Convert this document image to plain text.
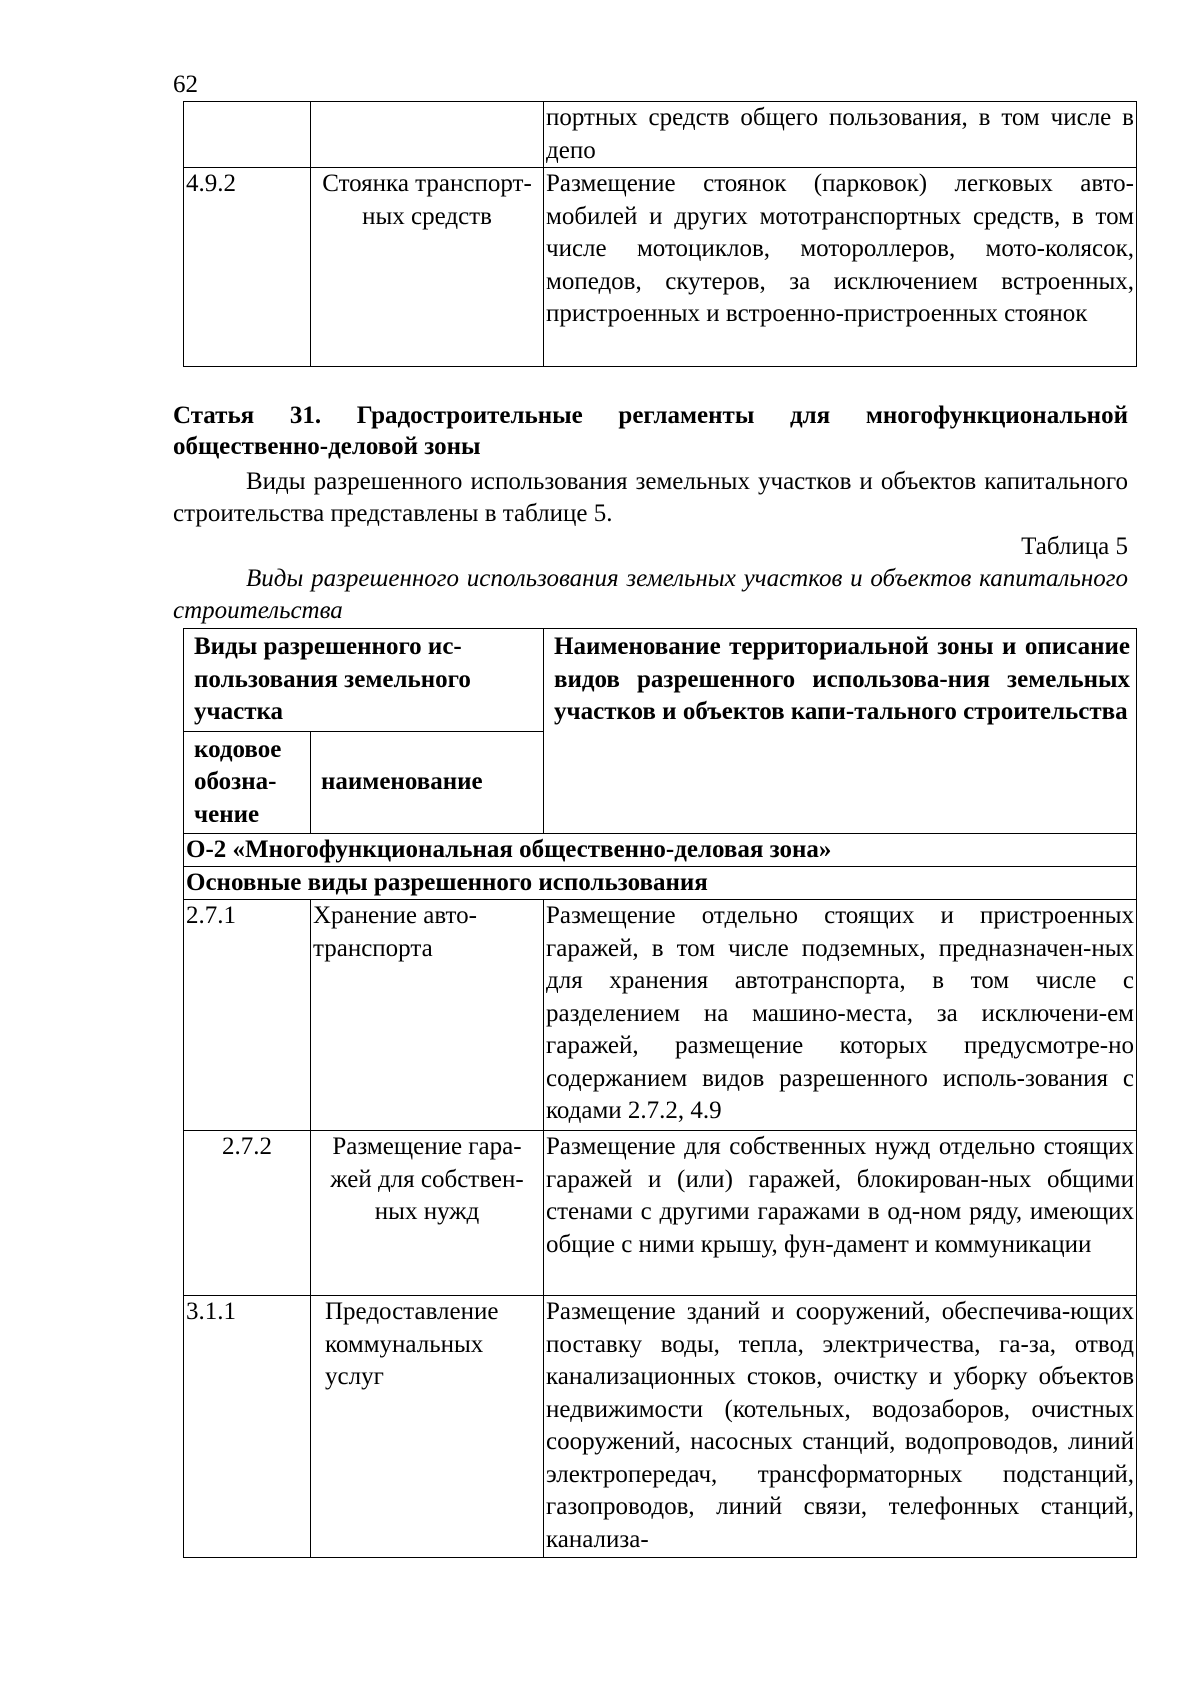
62
		портных средств общего пользования, в том числе в депо
4.9.2	Стоянка транспорт-ных средств	Размещение стоянок (парковок) легковых авто-мобилей и других мототранспортных средств, в том числе мотоциклов, мотороллеров, мото-колясок, мопедов, скутеров, за исключением встроенных, пристроенных и встроенно-пристроенных стоянок
Статья 31. Градостроительные регламенты для многофункциональной общественно-деловой зоны
Виды разрешенного использования земельных участков и объектов капитального строительства представлены в таблице 5.
Таблица 5
Виды разрешенного использования земельных участков и объектов капитального строительства
Виды разрешенного ис-пользования земельного участка		Наименование территориальной зоны и описание видов разрешенного использова-ния земельных участков и объектов капи-тального строительства
кодовое обозна-чение	наименование	
О-2 «Многофункциональная общественно-деловая зона»		
Основные виды разрешенного использования		
2.7.1	Хранение авто-транспорта	Размещение отдельно стоящих и пристроенных гаражей, в том числе подземных, предназначен-ных для хранения автотранспорта, в том числе с разделением на машино-места, за исключени-ем гаражей, размещение которых предусмотре-но содержанием видов разрешенного исполь-зования с кодами 2.7.2, 4.9
2.7.2	Размещение гара-жей для собствен-ных нужд	Размещение для собственных нужд отдельно стоящих гаражей и (или) гаражей, блокирован-ных общими стенами с другими гаражами в од-ном ряду, имеющих общие с ними крышу, фун-дамент и коммуникации
3.1.1	Предоставление коммунальных услуг	Размещение зданий и сооружений, обеспечива-ющих поставку воды, тепла, электричества, га-за, отвод канализационных стоков, очистку и уборку объектов недвижимости (котельных, водозаборов, очистных сооружений, насосных станций, водопроводов, линий электропередач, трансформаторных подстанций, газопроводов, линий связи, телефонных станций, канализа-
